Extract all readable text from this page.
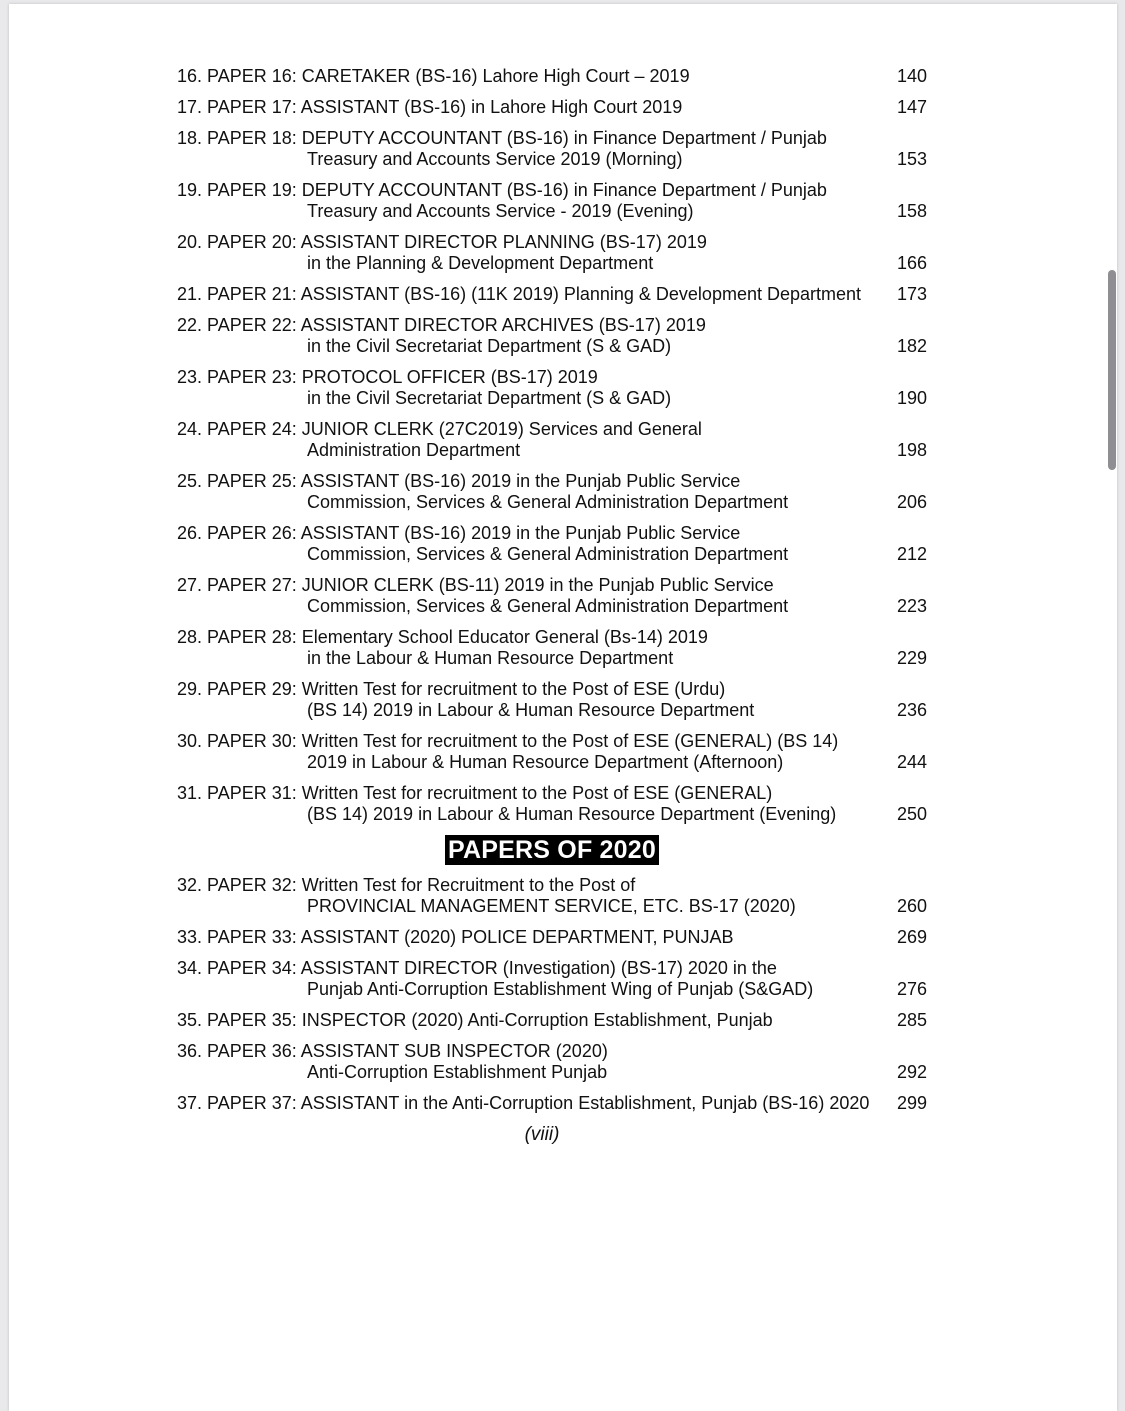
16. PAPER 16: CARETAKER (BS-16) Lahore High Court – 2019	140
17. PAPER 17: ASSISTANT (BS-16) in Lahore High Court 2019	147
18. PAPER 18: DEPUTY ACCOUNTANT (BS-16) in Finance Department / Punjab
Treasury and Accounts Service 2019 (Morning)	153
19. PAPER 19: DEPUTY ACCOUNTANT (BS-16) in Finance Department / Punjab
Treasury and Accounts Service - 2019 (Evening)	158
20. PAPER 20: ASSISTANT DIRECTOR PLANNING (BS-17) 2019
in the Planning & Development Department	166
21. PAPER 21: ASSISTANT (BS-16) (11K 2019) Planning & Development Department	173
22. PAPER 22: ASSISTANT DIRECTOR ARCHIVES (BS-17) 2019
in the Civil Secretariat Department (S & GAD)	182
23. PAPER 23: PROTOCOL OFFICER (BS-17) 2019
in the Civil Secretariat Department (S & GAD)	190
24. PAPER 24: JUNIOR CLERK (27C2019) Services and General
Administration Department	198
25. PAPER 25: ASSISTANT (BS-16) 2019 in the Punjab Public Service
Commission, Services & General Administration Department	206
26. PAPER 26: ASSISTANT (BS-16) 2019 in the Punjab Public Service
Commission, Services & General Administration Department	212
27. PAPER 27: JUNIOR CLERK (BS-11) 2019 in the Punjab Public Service
Commission, Services & General Administration Department	223
28. PAPER 28: Elementary School Educator General (Bs-14) 2019
in the Labour & Human Resource Department	229
29. PAPER 29: Written Test for recruitment to the Post of ESE (Urdu)
(BS 14) 2019 in Labour & Human Resource Department	236
30. PAPER 30: Written Test for recruitment to the Post of ESE (GENERAL) (BS 14)
2019 in Labour & Human Resource Department (Afternoon)	244
31. PAPER 31: Written Test for recruitment to the Post of ESE (GENERAL)
(BS 14) 2019 in Labour & Human Resource Department (Evening)	250
PAPERS OF 2020
32. PAPER 32: Written Test for Recruitment to the Post of
PROVINCIAL MANAGEMENT SERVICE, ETC. BS-17 (2020)	260
33. PAPER 33: ASSISTANT (2020) POLICE DEPARTMENT, PUNJAB	269
34. PAPER 34: ASSISTANT DIRECTOR (Investigation) (BS-17) 2020 in the
Punjab Anti-Corruption Establishment Wing of Punjab (S&GAD)	276
35. PAPER 35: INSPECTOR (2020) Anti-Corruption Establishment, Punjab	285
36. PAPER 36: ASSISTANT SUB INSPECTOR (2020)
Anti-Corruption Establishment Punjab	292
37. PAPER 37: ASSISTANT in the Anti-Corruption Establishment, Punjab (BS-16) 2020	299
(viii)
